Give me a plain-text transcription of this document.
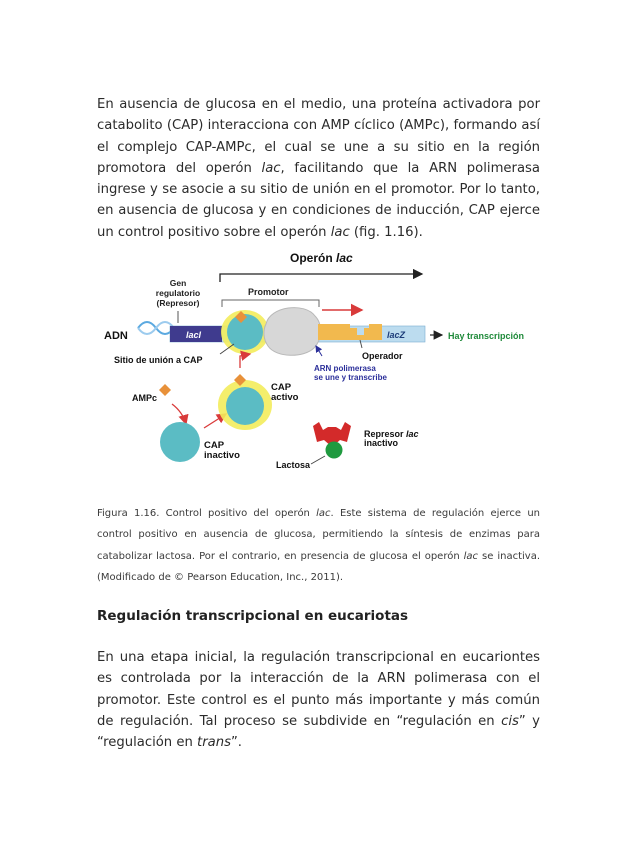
En ausencia de glucosa en el medio, una proteína activadora por catabolito (CAP) interacciona con AMP cíclico (AMPc), formando así el complejo CAP-AMPc, el cual se une a su sitio en la región promotora del operón lac, facilitando que la ARN polimerasa ingrese y se asocie a su sitio de unión en el promotor. Por lo tanto, en ausencia de glucosa y en condiciones de inducción, CAP ejerce un control positivo sobre el operón lac (fig. 1.16).

Operón lac
Gen regulatorio (Represor)
Promotor
ADN	lacI	lacZ	Hay transcripción
Sitio de unión a CAP	Operador
ARN polimerasa se une y transcribe
AMPc
CAP inactivo
CAP activo
Represor lac inactivo
Lactosa

Figura 1.16. Control positivo del operón lac. Este sistema de regulación ejerce un control positivo en ausencia de glucosa, permitiendo la síntesis de enzimas para catabolizar lactosa. Por el contrario, en presencia de glucosa el operón lac se inactiva. (Modificado de © Pearson Education, Inc., 2011).

Regulación transcripcional en eucariotas

En una etapa inicial, la regulación transcripcional en eucariontes es controlada por la interacción de la ARN polimerasa con el promotor. Este control es el punto más importante y más común de regulación. Tal proceso se subdivide en “regulación en cis” y “regulación en trans”.
